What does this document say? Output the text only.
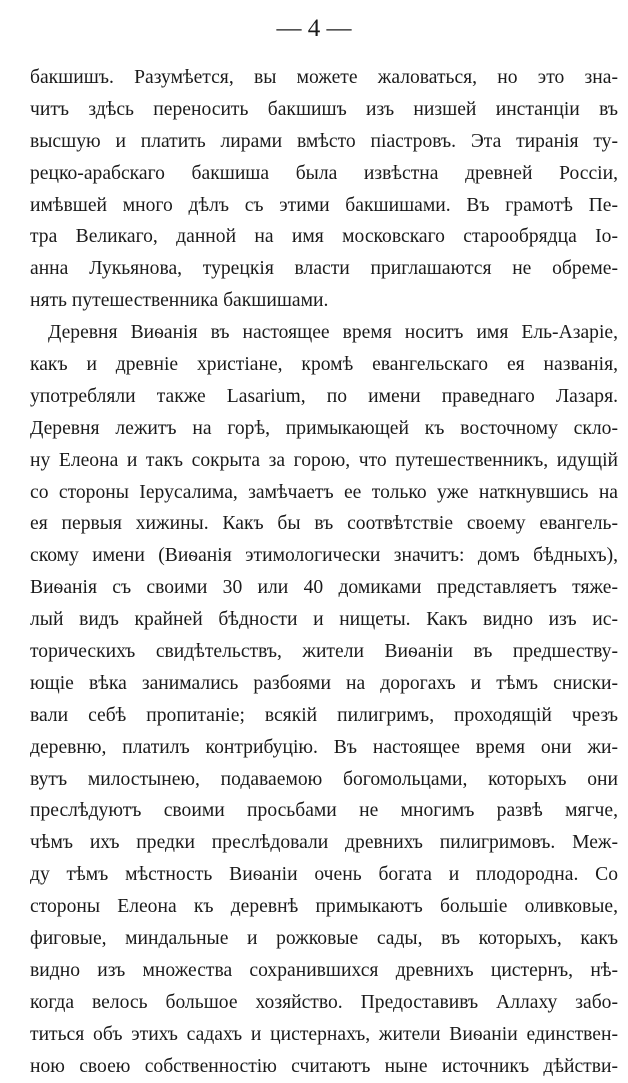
— 4 —
бакшишъ. Разумѣется, вы можете жаловаться, но это зна-
читъ здѣсь переносить бакшишъ изъ низшей инстанціи въ
высшую и платить лирами вмѣсто піастровъ. Эта тиранія ту-
рецко-арабскаго бакшиша была извѣстна древней Россіи,
имѣвшей много дѣлъ съ этими бакшишами. Въ грамотѣ Пе-
тра Великаго, данной на имя московскаго старообрядца Іо-
анна Лукьянова, турецкія власти приглашаются не обреме-
нять путешественника бакшишами.
Деревня Виѳанія въ настоящее время носитъ имя Ель-Азаріе,
какъ и древніе христіане, кромѣ евангельскаго ея названія,
употребляли также Lasarium, по имени праведнаго Лазаря.
Деревня лежитъ на горѣ, примыкающей къ восточному скло-
ну Елеона и такъ сокрыта за горою, что путешественникъ, идущій
со стороны Іерусалима, замѣчаетъ ее только уже наткнувшись на
ея первыя хижины. Какъ бы въ соотвѣтствіе своему евангель-
скому имени (Виѳанія этимологически значитъ: домъ бѣдныхъ),
Виѳанія съ своими 30 или 40 домиками представляетъ тяже-
лый видъ крайней бѣдности и нищеты. Какъ видно изъ ис-
торическихъ свидѣтельствъ, жители Виѳаніи въ предшеству-
ющіе вѣка занимались разбоями на дорогахъ и тѣмъ сниски-
вали себѣ пропитаніе; всякій пилигримъ, проходящій чрезъ
деревню, платилъ контрибуцію. Въ настоящее время они жи-
вутъ милостынею, подаваемою богомольцами, которыхъ они
преслѣдуютъ своими просьбами не многимъ развѣ мягче,
чѣмъ ихъ предки преслѣдовали древнихъ пилигримовъ. Меж-
ду тѣмъ мѣстность Виѳаніи очень богата и плодородна. Со
стороны Елеона къ деревнѣ примыкаютъ большіе оливковые,
фиговые, миндальные и рожковые сады, въ которыхъ, какъ
видно изъ множества сохранившихся древнихъ цистернъ, нѣ-
когда велось большое хозяйство. Предоставивъ Аллаху забо-
титься объ этихъ садахъ и цистернахъ, жители Виѳаніи единствен-
ною своею собственностію считаютъ ныне источникъ дѣйстви-
